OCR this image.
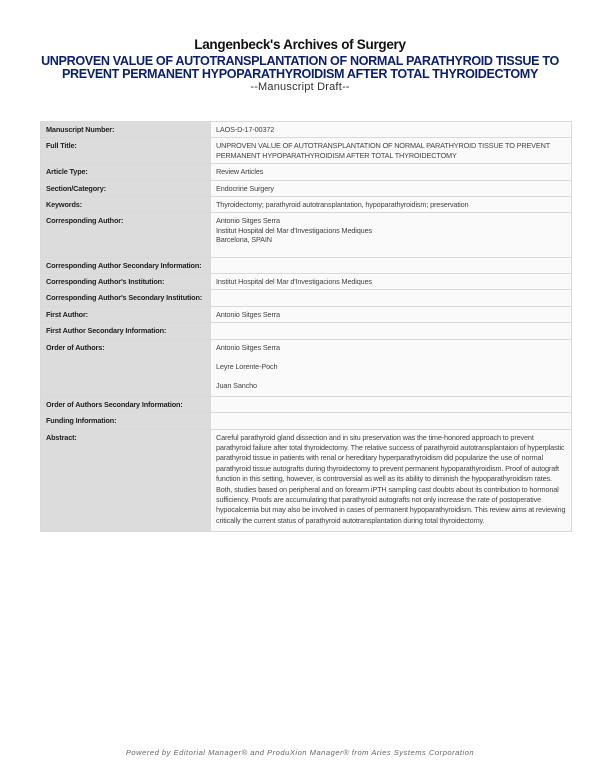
Langenbeck's Archives of Surgery
UNPROVEN VALUE OF AUTOTRANSPLANTATION OF NORMAL PARATHYROID TISSUE TO PREVENT PERMANENT HYPOPARATHYROIDISM AFTER TOTAL THYROIDECTOMY
--Manuscript Draft--
Manuscript Number:	LAOS-D-17-00372
Full Title:	UNPROVEN VALUE OF AUTOTRANSPLANTATION OF NORMAL PARATHYROID TISSUE TO PREVENT PERMANENT HYPOPARATHYROIDISM AFTER TOTAL THYROIDECTOMY
Article Type:	Review Articles
Section/Category:	Endocrine Surgery
Keywords:	Thyroidectomy; parathyroid autotransplantation, hypoparathyroidism; preservation
Corresponding Author:	Antonio Sitges Serra
Institut Hospital del Mar d'Investigacions Mediques
Barcelona, SPAIN

Corresponding Author Secondary Information:	
Corresponding Author's Institution:	Institut Hospital del Mar d'Investigacions Mediques
Corresponding Author's Secondary Institution:	
First Author:	Antonio Sitges Serra
First Author Secondary Information:	
Order of Authors:	Antonio Sitges Serra
Leyre Lorente-Poch
Juan Sancho

Order of Authors Secondary Information:	
Funding Information:	
Abstract:	Careful parathyroid gland dissection and in situ preservation was the time-honored approach to prevent parathyroid failure after total thyroidectomy. The relative success of parathyroid autotransplantaion of hyperplastic parathyroid tissue in patients with renal or hereditary hyperparathyroidism did popularize the use of normal parathyroid tissue autografts during thyroidectomy to prevent permanent hypoparathyroidism. Proof of autograft function in this setting, however, is controversial as well as its ability to diminish the hypoparathyroidism rates. Both, studies based on peripheral and on forearm iPTH sampling cast doubts about its contribution to hormonal sufficiency. Proofs are accumulating that parathyroid autografts not only increase the rate of postoperative hypocalcemia but may also be involved in cases of permanent hypoparathyroidism. This review aims at reviewing critically the current status of parathyroid autotransplantation during total thyroidectomy.
Powered by Editorial Manager® and ProduXion Manager® from Aries Systems Corporation
